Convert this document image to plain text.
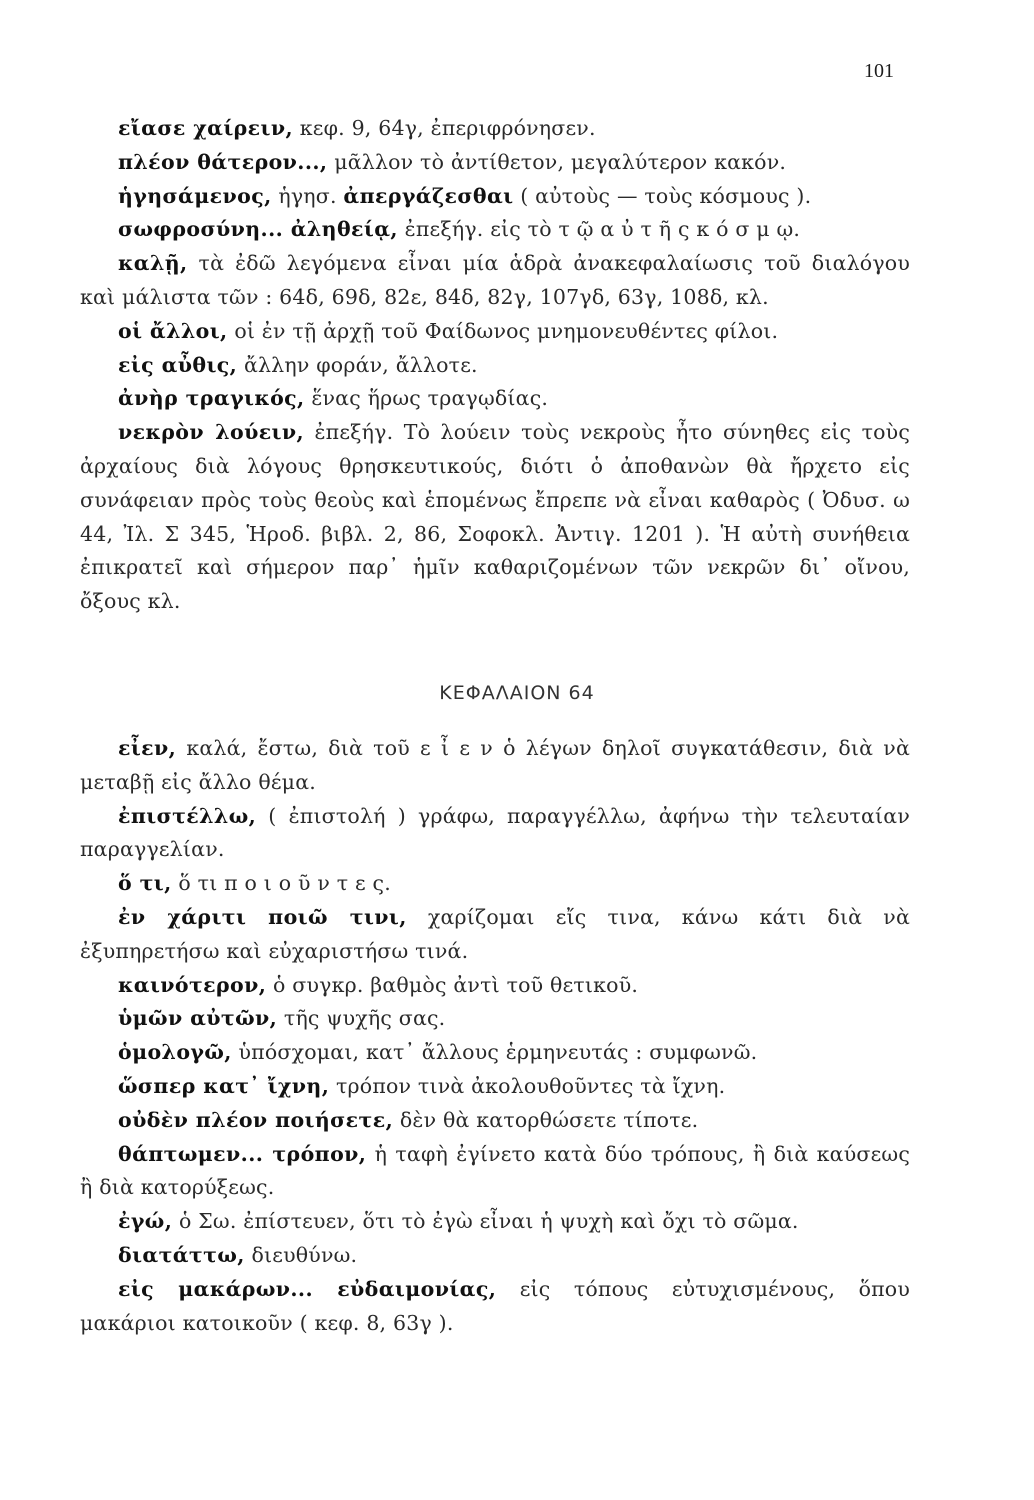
101

εἴασε χαίρειν, κεφ. 9, 64γ, ἐπεριφρόνησεν.

πλέον θάτερον..., μᾶλλον τὸ ἀντίθετον, μεγαλύτερον κακόν.

ἡγησάμενος, ἡγησ. ἀπεργάζεσθαι ( αὐτοὺς — τοὺς κόσμους ).

σωφροσύνη... ἀληθείᾳ, ἐπεξήγ. εἰς τὸ τ ῷ α ὐ τ ῆ ς κ ό σ μ ῳ.

καλῇ, τὰ ἐδῶ λεγόμενα εἶναι μία ἁδρὰ ἀνακεφαλαίωσις τοῦ διαλόγου καὶ μάλιστα τῶν : 64δ, 69δ, 82ε, 84δ, 82γ, 107γδ, 63γ, 108δ, κλ.

οἱ ἄλλοι, οἱ ἐν τῇ ἀρχῇ τοῦ Φαίδωνος μνημονευθέντες φίλοι.

εἰς αὖθις, ἄλλην φοράν, ἄλλοτε.

ἀνὴρ τραγικός, ἕνας ἥρως τραγῳδίας.

νεκρὸν λούειν, ἐπεξήγ. Τὸ λούειν τοὺς νεκροὺς ἦτο σύνηθες εἰς τοὺς ἀρχαίους διὰ λόγους θρησκευτικούς, διότι ὁ ἀποθανὼν θὰ ἤρχετο εἰς συνάφειαν πρὸς τοὺς θεοὺς καὶ ἑπομένως ἔπρεπε νὰ εἶναι καθαρὸς ( Ὀδυσ. ω 44, Ἰλ. Σ 345, Ἡροδ. βιβλ. 2, 86, Σοφοκλ. Ἀντιγ. 1201 ). Ἡ αὐτὴ συνήθεια ἐπικρατεῖ καὶ σήμερον παρ᾿ ἡμῖν καθαριζομένων τῶν νεκρῶν δι᾿ οἴνου, ὄξους κλ.

ΚΕΦΑΛΑΙΟΝ 64

εἶεν, καλά, ἔστω, διὰ τοῦ ε ἶ ε ν ὁ λέγων δηλοῖ συγκατάθεσιν, διὰ νὰ μεταβῇ εἰς ἄλλο θέμα.

ἐπιστέλλω, ( ἐπιστολή ) γράφω, παραγγέλλω, ἀφήνω τὴν τελευταίαν παραγγελίαν.

ὅ τι, ὅ τι π ο ι ο ῦ ν τ ε ς.

ἐν χάριτι ποιῶ τινι, χαρίζομαι εἴς τινα, κάνω κάτι διὰ νὰ ἐξυπηρετήσω καὶ εὐχαριστήσω τινά.

καινότερον, ὁ συγκρ. βαθμὸς ἀντὶ τοῦ θετικοῦ.

ὑμῶν αὐτῶν, τῆς ψυχῆς σας.

ὁμολογῶ, ὑπόσχομαι, κατ᾿ ἄλλους ἑρμηνευτάς : συμφωνῶ.

ὥσπερ κατ᾿ ἴχνη, τρόπον τινὰ ἀκολουθοῦντες τὰ ἴχνη.

οὐδὲν πλέον ποιήσετε, δὲν θὰ κατορθώσετε τίποτε.

θάπτωμεν... τρόπον, ἡ ταφὴ ἐγίνετο κατὰ δύο τρόπους, ἢ διὰ καύσεως ἢ διὰ κατορύξεως.

ἐγώ, ὁ Σω. ἐπίστευεν, ὅτι τὸ ἐγὼ εἶναι ἡ ψυχὴ καὶ ὄχι τὸ σῶμα.

διατάττω, διευθύνω.

εἰς μακάρων... εὐδαιμονίας, εἰς τόπους εὐτυχισμένους, ὅπου μακάριοι κατοικοῦν ( κεφ. 8, 63γ ).
